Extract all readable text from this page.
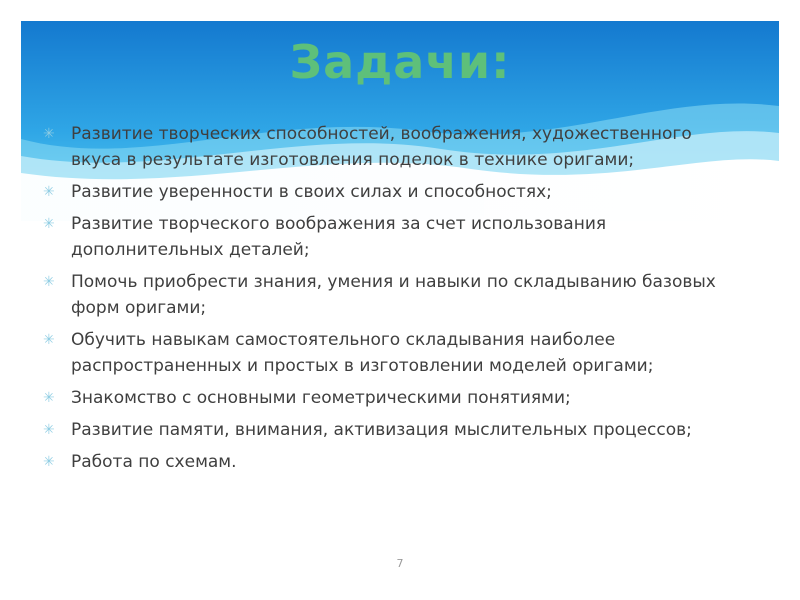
Задачи:
✳ Развитие творческих способностей, воображения, художественного вкуса в результате изготовления поделок в технике оригами;
✳ Развитие уверенности в своих силах и способностях;
✳ Развитие творческого воображения за счет использования дополнительных деталей;
✳ Помочь приобрести знания, умения и навыки по складыванию базовых форм оригами;
✳ Обучить навыкам самостоятельного складывания наиболее распространенных и простых в изготовлении моделей оригами;
✳ Знакомство с основными геометрическими понятиями;
✳ Развитие памяти, внимания, активизация мыслительных процессов;
✳ Работа по схемам.
7
